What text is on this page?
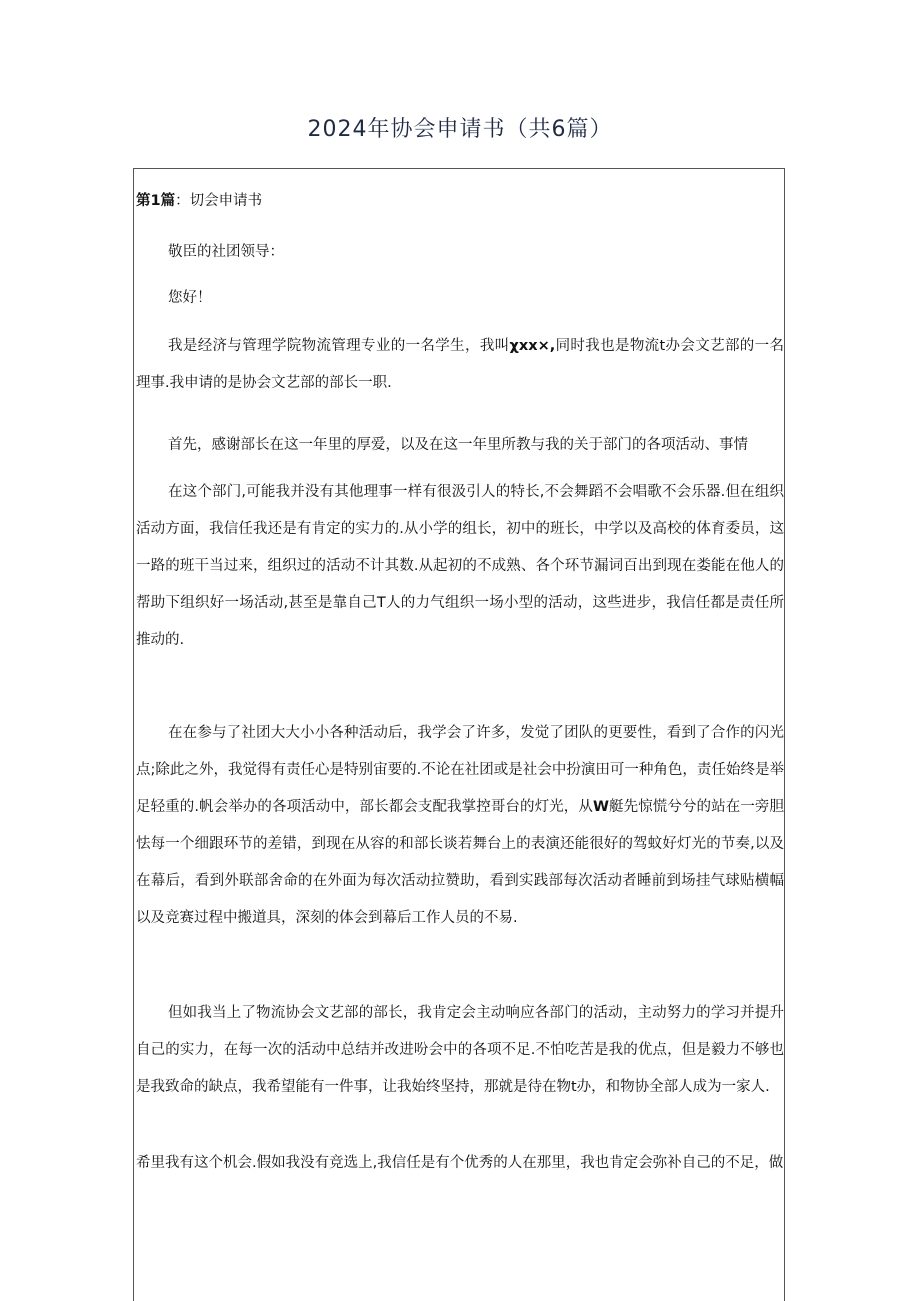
2024年协会申请书（共6篇）
第1篇：切会申请书

敬臣的社团领导：

您好！

我是经济与管理学院物流管理专业的一名学生，我叫χxx×,同时我也是物流t办会文艺部的一名理事.我申请的是协会文艺部的部长一职.

首先，感谢部长在这一年里的厚爱，以及在这一年里所教与我的关于部门的各项活动、事情

在这个部门,可能我并没有其他理事一样有很汲引人的特长,不会舞蹈不会唱歌不会乐器.但在组织活动方面，我信任我还是有肯定的实力的.从小学的组长，初中的班长，中学以及高校的体育委员，这一路的班干当过来，组织过的活动不计其数.从起初的不成熟、各个环节漏词百出到现在娄能在他人的帮助下组织好一场活动,甚至是靠自己T人的力气组织一场小型的活动，这些进步，我信任都是责任所推动的.

在在参与了社团大大小小各种活动后，我学会了许多，发觉了团队的更要性，看到了合作的闪光点;除此之外，我觉得有责任心是特别宙要的.不论在社团或是社会中扮演田可一种角色，责任始终是举足轻重的.帆会举办的各项活动中，部长都会支配我掌控哥台的灯光，从W艇先惊慌兮兮的站在一旁胆怯每一个细跟环节的差错，到现在从容的和部长谈若舞台上的表演还能很好的驾蚊好灯光的节奏,以及在幕后，看到外联部舍命的在外面为每次活动拉赞助，看到实践部每次活动者睡前到场挂气球贴横幅以及竞赛过程中搬道具，深刻的体会到幕后工作人员的不易.

但如我当上了物流协会文艺部的部长，我肯定会主动响应各部门的活动，主动努力的学习并提升自己的实力，在每一次的活动中总结并改进吩会中的各项不足.不怕吃苦是我的优点，但是毅力不够也是我致命的缺点，我希望能有一件事，让我始终坚持，那就是待在物t办，和物协全部人成为一家人.

希里我有这个机会.假如我没有竞选上,我信任是有个优秀的人在那里，我也肯定会弥补自己的不足，做
